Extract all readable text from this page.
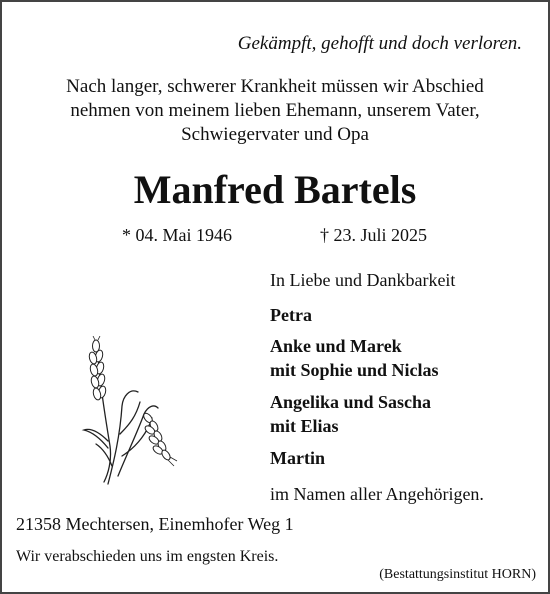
Gekämpft, gehofft und doch verloren.
Nach langer, schwerer Krankheit müssen wir Abschied
nehmen von meinem lieben Ehemann, unserem Vater,
Schwiegervater und Opa
Manfred Bartels
* 04. Mai 1946	† 23. Juli 2025
In Liebe und Dankbarkeit
Petra
Anke und Marek
mit Sophie und Niclas
Angelika und Sascha
mit Elias
Martin
im Namen aller Angehörigen.
21358 Mechtersen, Einemhofer Weg 1
Wir verabschieden uns im engsten Kreis.
(Bestattungsinstitut HORN)
